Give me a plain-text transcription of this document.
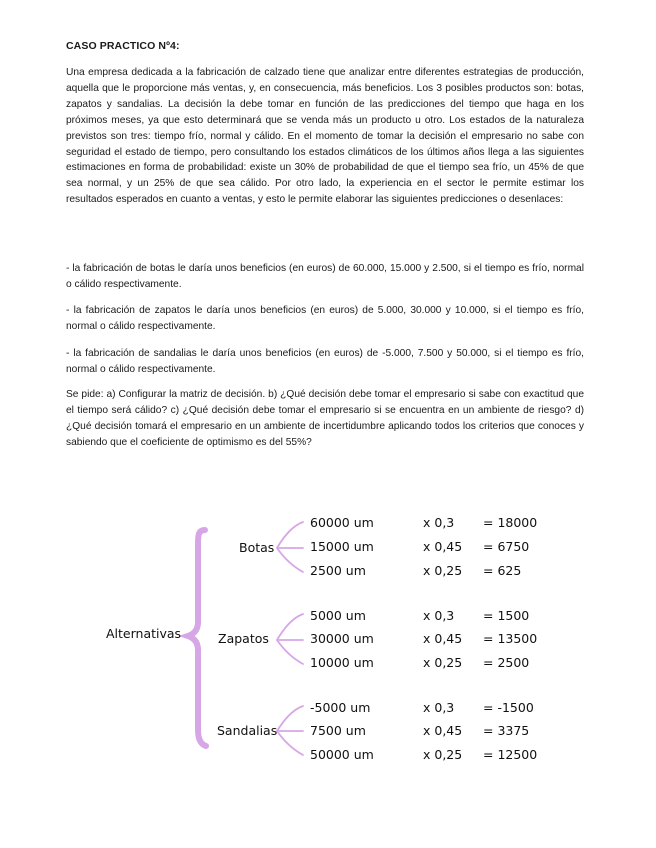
CASO PRACTICO Nº4:

Una empresa dedicada a la fabricación de calzado tiene que analizar entre diferentes estrategias de producción, aquella que le proporcione más ventas, y, en consecuencia, más beneficios. Los 3 posibles productos son: botas, zapatos y sandalias. La decisión la debe tomar en función de las predicciones del tiempo que haga en los próximos meses, ya que esto determinará que se venda más un producto u otro. Los estados de la naturaleza previstos son tres: tiempo frío, normal y cálido. En el momento de tomar la decisión el empresario no sabe con seguridad el estado de tiempo, pero consultando los estados climáticos de los últimos años llega a las siguientes estimaciones en forma de probabilidad: existe un 30% de probabilidad de que el tiempo sea frío, un 45% de que sea normal, y un 25% de que sea cálido. Por otro lado, la experiencia en el sector le permite estimar los resultados esperados en cuanto a ventas, y esto le permite elaborar las siguientes predicciones o desenlaces:

- la fabricación de botas le daría unos beneficios (en euros) de 60.000, 15.000 y 2.500, si el tiempo es frío, normal o cálido respectivamente.

- la fabricación de zapatos le daría unos beneficios (en euros) de 5.000, 30.000 y 10.000, si el tiempo es frío, normal o cálido respectivamente.

- la fabricación de sandalias le daría unos beneficios (en euros) de -5.000, 7.500 y 50.000, si el tiempo es frío, normal o cálido respectivamente.

Se pide: a) Configurar la matriz de decisión. b) ¿Qué decisión debe tomar el empresario si sabe con exactitud que el tiempo será cálido? c) ¿Qué decisión debe tomar el empresario si se encuentra en un ambiente de riesgo? d) ¿Qué decisión tomará el empresario en un ambiente de incertidumbre aplicando todos los criterios que conoces y sabiendo que el coeficiente de optimismo es del 55%?

Alternativas
Botas
Zapatos
Sandalias
60000 um	x 0,3 = 18000
15000 um	x 0,45 = 6750
2500 um	x 0,25 = 625
5000 um	x 0,3 = 1500
30000 um	x 0,45 = 13500
10000 um	x 0,25 = 2500
-5000 um	x 0,3 = -1500
7500 um	x 0,45 = 3375
50000 um	x 0,25 = 12500
